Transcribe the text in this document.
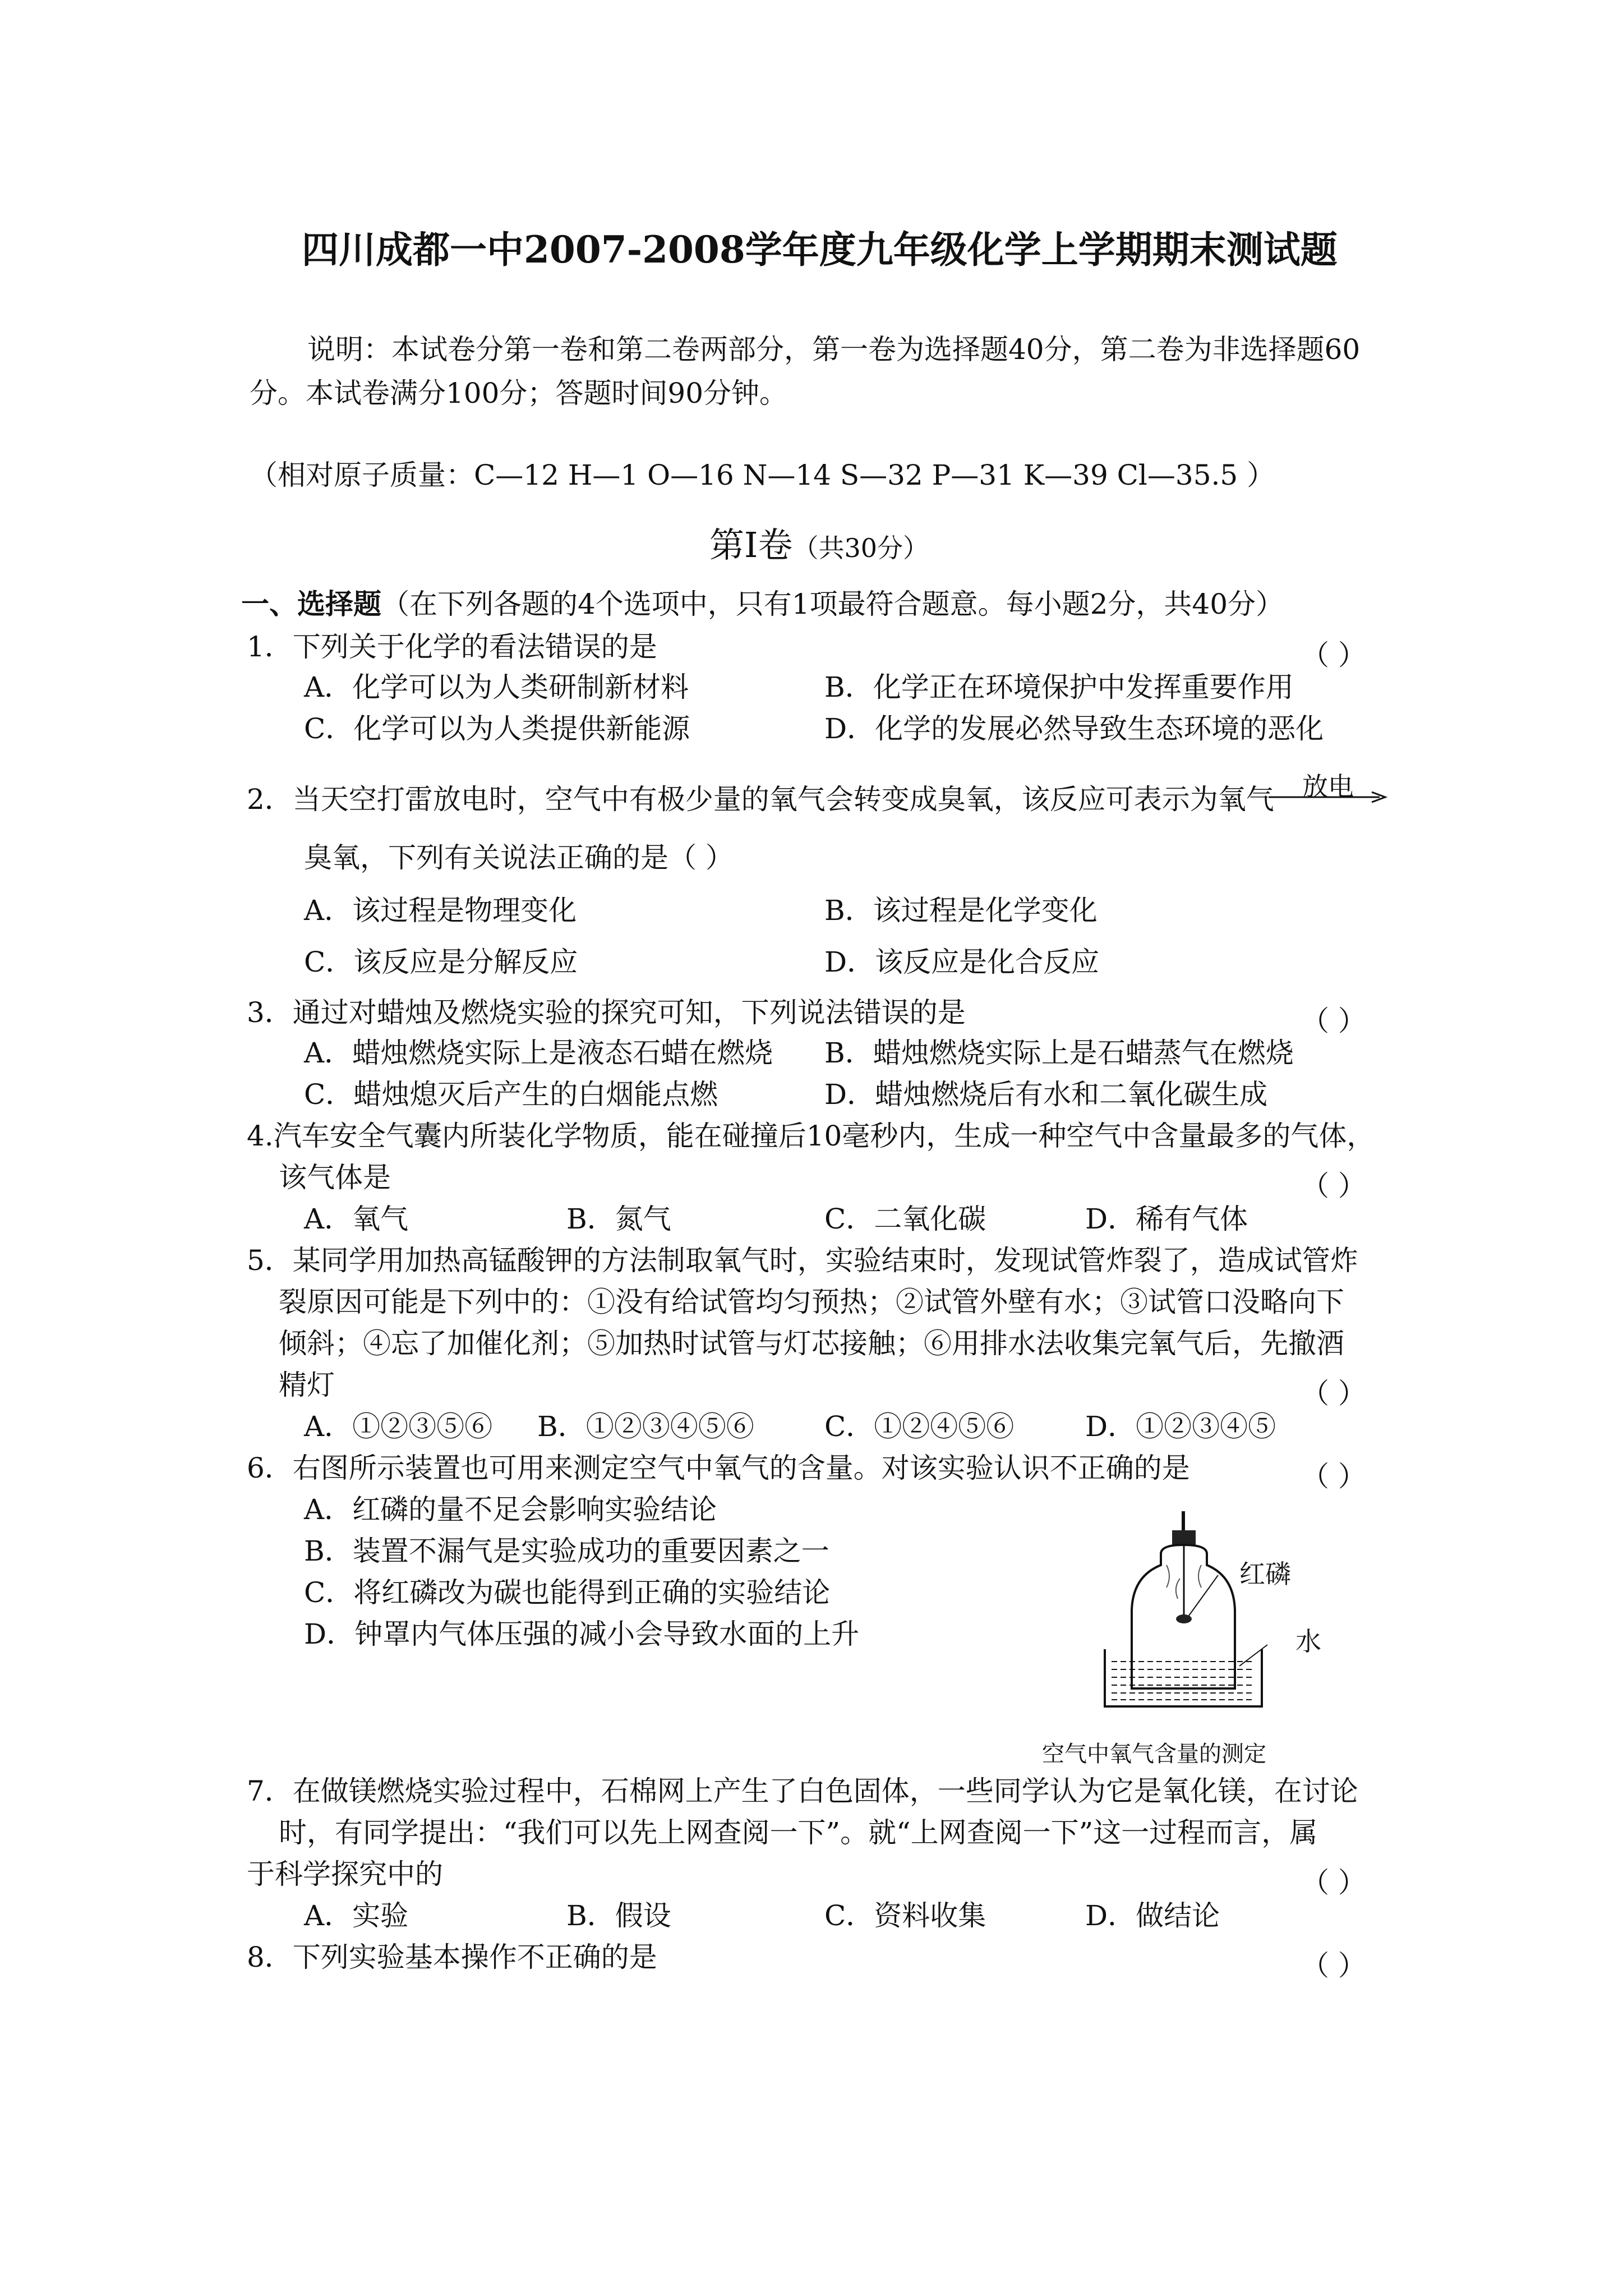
四川成都一中2007-2008学年度九年级化学上学期期末测试题
说明：本试卷分第一卷和第二卷两部分，第一卷为选择题40分，第二卷为非选择题60
分。本试卷满分100分；答题时间90分钟。
（相对原子质量：C—12 H—1 O—16 N—14 S—32 P—31 K—39 Cl—35.5 ）
第Ⅰ卷（共30分）
一、选择题（在下列各题的4个选项中，只有1项最符合题意。每小题2分，共40分）
1．下列关于化学的看法错误的是	（ ）
A．化学可以为人类研制新材料	B．化学正在环境保护中发挥重要作用
C．化学可以为人类提供新能源	D．化学的发展必然导致生态环境的恶化
2．当天空打雷放电时，空气中有极少量的氧气会转变成臭氧，该反应可表示为氧气 放电
臭氧，下列有关说法正确的是（ ）
A．该过程是物理变化	B．该过程是化学变化
C．该反应是分解反应	D．该反应是化合反应
3．通过对蜡烛及燃烧实验的探究可知，下列说法错误的是	（ ）
A．蜡烛燃烧实际上是液态石蜡在燃烧 B．蜡烛燃烧实际上是石蜡蒸气在燃烧
C．蜡烛熄灭后产生的白烟能点燃	D．蜡烛燃烧后有水和二氧化碳生成
4.汽车安全气囊内所装化学物质，能在碰撞后10毫秒内，生成一种空气中含量最多的气体，
该气体是	（ ）
A．氧气	B．氮气	C．二氧化碳	D．稀有气体
5．某同学用加热高锰酸钾的方法制取氧气时，实验结束时，发现试管炸裂了，造成试管炸
裂原因可能是下列中的：①没有给试管均匀预热；②试管外壁有水；③试管口没略向下
倾斜；④忘了加催化剂；⑤加热时试管与灯芯接触；⑥用排水法收集完氧气后，先撤酒
精灯	（ ）
A．①②③⑤⑥ B．①②③④⑤⑥	C．①②④⑤⑥	D．①②③④⑤
6．右图所示装置也可用来测定空气中氧气的含量。对该实验认识不正确的是	（ ）
A．红磷的量不足会影响实验结论
B．装置不漏气是实验成功的重要因素之一
C．将红磷改为碳也能得到正确的实验结论
D．钟罩内气体压强的减小会导致水面的上升
红磷
水
空气中氧气含量的测定
7．在做镁燃烧实验过程中，石棉网上产生了白色固体，一些同学认为它是氧化镁，在讨论
时，有同学提出：“我们可以先上网查阅一下”。就“上网查阅一下”这一过程而言，属
于科学探究中的	（ ）
A．实验	B．假设	C．资料收集	D．做结论
8．下列实验基本操作不正确的是	（ ）
